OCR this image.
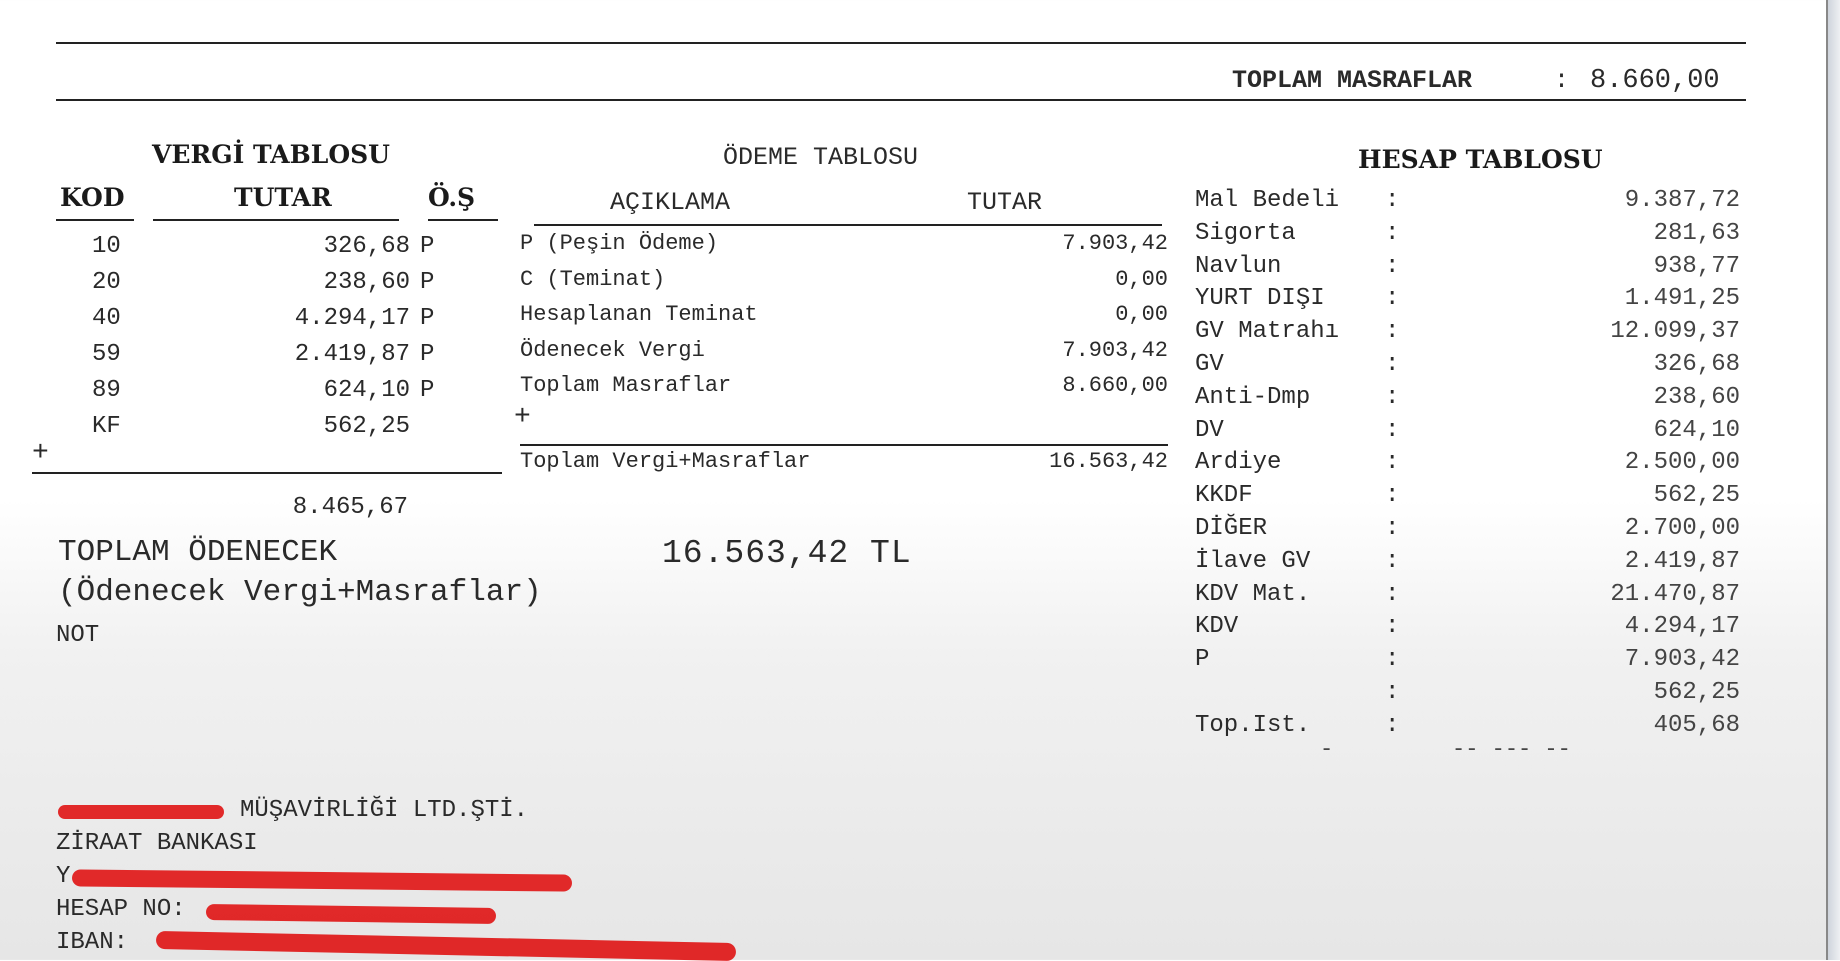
TOPLAM MASRAFLAR	: 8.660,00
VERGİ TABLOSU
KOD	TUTAR	Ö.Ş
10	326,68 P
20	238,60 P
40	4.294,17 P
59	2.419,87 P
89	624,10 P
KF	562,25
+
8.465,67
ÖDEME TABLOSU
AÇIKLAMA	TUTAR
P (Peşin Ödeme)	7.903,42
C (Teminat)	0,00
Hesaplanan Teminat	0,00
Ödenecek Vergi	7.903,42
Toplam Masraflar	8.660,00
+
Toplam Vergi+Masraflar	16.563,42
HESAP TABLOSU
Mal Bedeli :	9.387,72
Sigorta	:	281,63
Navlun	:	938,77
YURT DIŞI	:	1.491,25
GV Matrahı :	12.099,37
GV	:	326,68
Anti-Dmp	:	238,60
DV	:	624,10
Ardiye	:	2.500,00
KKDF	:	562,25
DİĞER	:	2.700,00
İlave GV	:	2.419,87
KDV Mat.	:	21.470,87
KDV	:	4.294,17
P	:	7.903,42
:	562,25
Top.Ist.	:	405,68
-         -- --- --
TOPLAM ÖDENECEK	16.563,42 TL
(Ödenecek Vergi+Masraflar)
NOT
MÜŞAVİRLİĞİ LTD.ŞTİ.
ZİRAAT BANKASI
Y
HESAP NO:
IBAN:
